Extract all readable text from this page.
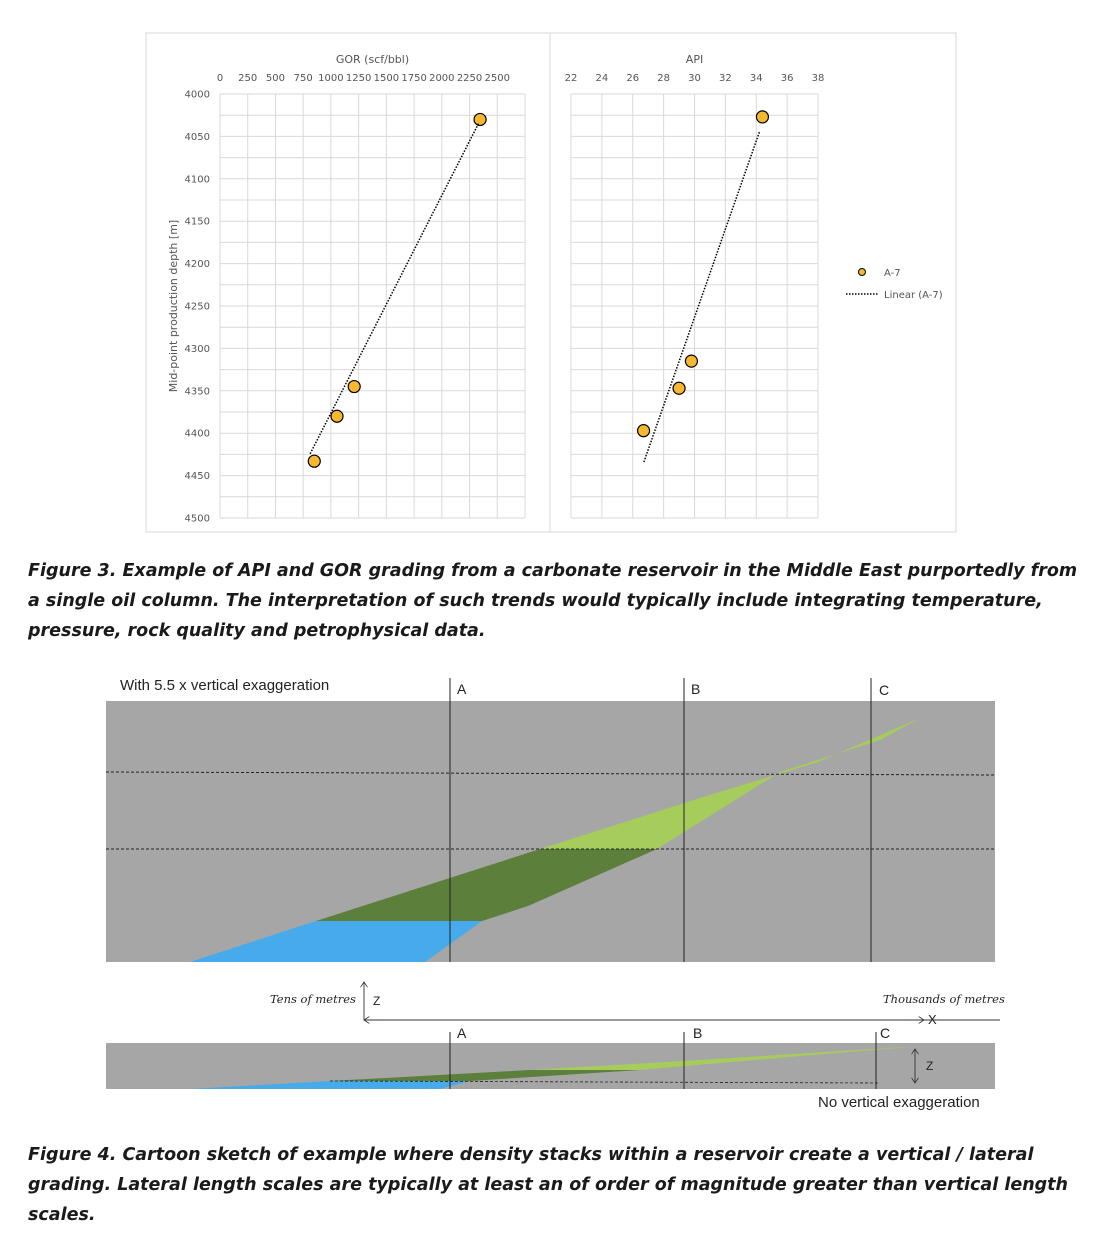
0 250 500 750 1000 1250 1500 1750 2000 2250 2500
GOR (scf/bbl)
4000
4050
4100
4150
4200
4250
4300
4350
4400
4450
4500
Mid-point production depth [m]
22 24 26 28 30 32 34 36 38
API
A-7
Linear (A-7)
Figure 3. Example of API and GOR grading from a carbonate reservoir in the Middle East purportedly from a single oil column. The interpretation of such trends would typically include integrating temperature, pressure, rock quality and petrophysical data.
With 5.5 x vertical exaggeration	A	B	C
Tens of metres Z	Thousands of metres
X
A	B	C
Z
No vertical exaggeration
Figure 4. Cartoon sketch of example where density stacks within a reservoir create a vertical / lateral grading. Lateral length scales are typically at least an of order of magnitude greater than vertical length scales.
